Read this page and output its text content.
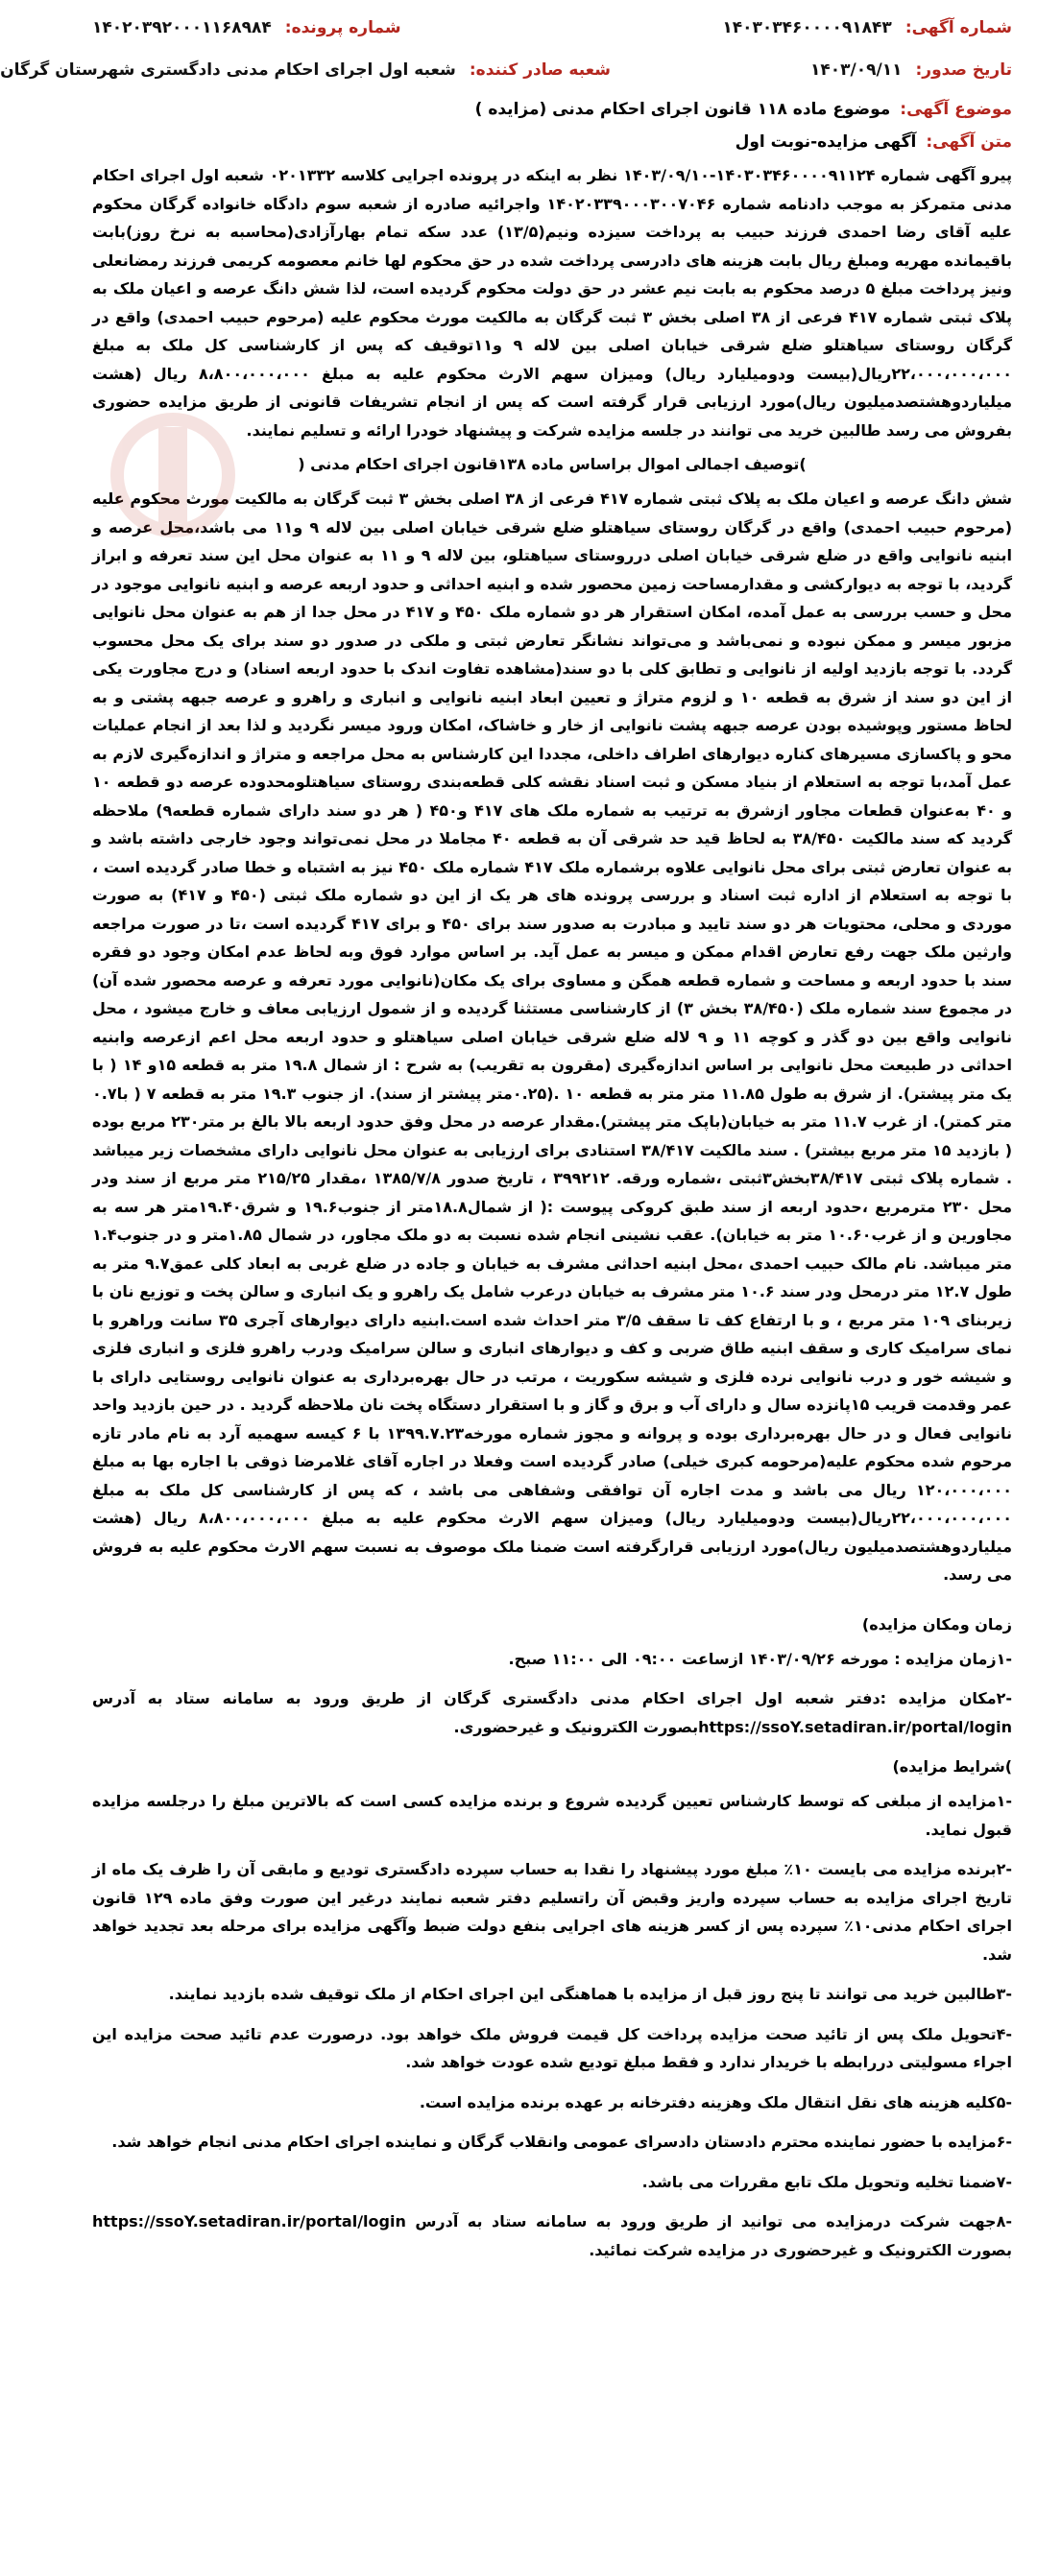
شماره آگهی:
۱۴۰۳۰۳۴۶۰۰۰۰۹۱۸۴۳
شماره پرونده:
۱۴۰۲۰۳۹۲۰۰۰۱۱۶۸۹۸۴
تاریخ صدور:
۱۴۰۳/۰۹/۱۱
شعبه صادر کننده:
شعبه اول اجرای احکام مدنی دادگستری شهرستان گرگان
موضوع آگهی:
موضوع ماده ۱۱۸ قانون اجرای احکام مدنی (مزایده )
متن آگهی:
آگهی مزایده-نوبت اول

پیرو آگهی شماره ۱۴۰۳۰۳۴۶۰۰۰۰۹۱۱۲۴-۱۴۰۳/۰۹/۱۰ نظر به اینکه در پرونده اجرایی کلاسه ۰۲۰۱۳۳۲ شعبه اول اجرای احکام مدنی متمرکز به موجب دادنامه شماره ۱۴۰۲۰۳۳۹۰۰۰۳۰۰۷۰۴۶ واجرائیه صادره از شعبه سوم دادگاه خانواده گرگان محکوم علیه آقای رضا احمدی فرزند حبیب به پرداخت سیزده ونیم(۱۳/۵) عدد سکه تمام بهارآزادی(محاسبه به نرخ روز)بابت باقیمانده مهریه ومبلغ ریال بابت هزینه های دادرسی پرداخت شده در حق محکوم لها خانم معصومه کریمی فرزند رمضانعلی ونیز پرداخت مبلغ ۵ درصد محکوم به بابت نیم عشر در حق دولت محکوم گردیده است، لذا شش دانگ عرصه و اعیان ملک به پلاک ثبتی شماره ۴۱۷ فرعی از ۳۸ اصلی بخش ۳ ثبت گرگان به مالکیت مورث محکوم علیه (مرحوم حبیب احمدی) واقع در گرگان روستای سیاهتلو ضلع شرقی خیابان اصلی بین لاله ۹ و۱۱توقیف که پس از کارشناسی کل ملک به مبلغ ۲۲،۰۰۰،۰۰۰،۰۰۰ریال(بیست ودومیلیارد ریال) ومیزان سهم الارث محکوم علیه به مبلغ ۸،۸۰۰،۰۰۰،۰۰۰ ریال (هشت میلیاردوهشتصدمیلیون ریال)مورد ارزیابی قرار گرفته است که پس از انجام تشریفات قانونی از طریق مزایده حضوری بفروش می رسد طالبین خرید می توانند در جلسه مزایده شرکت و پیشنهاد خودرا ارائه و تسلیم نمایند.

)توصیف اجمالی اموال براساس ماده ۱۳۸قانون اجرای احکام مدنی (

شش دانگ عرصه و اعیان ملک به پلاک ثبتی شماره ۴۱۷ فرعی از ۳۸ اصلی بخش ۳ ثبت گرگان به مالکیت مورث محکوم علیه (مرحوم حبیب احمدی) واقع در گرگان روستای سیاهتلو ضلع شرقی خیابان اصلی بین لاله ۹ و۱۱ می باشد،محل عرصه و ابنیه نانوایی واقع در ضلع شرقی خیابان اصلی درروستای سیاهتلو، بین لاله ۹ و ۱۱ به عنوان محل این سند تعرفه و ابراز گردید، با توجه به دیوارکشی و مقدارمساحت زمین محصور شده و ابنیه احداثی و حدود اربعه عرصه و ابنیه نانوایی موجود در محل و حسب بررسی به عمل آمده، امکان استقرار هر دو شماره ملک ۴۵۰ و ۴۱۷ در محل جدا از هم به عنوان محل نانوایی مزبور میسر و ممکن نبوده و نمی‌باشد و می‌تواند نشانگر تعارض ثبتی و ملکی در صدور دو سند برای یک محل محسوب گردد. با توجه بازدید اولیه از نانوایی و تطابق کلی با دو سند(مشاهده تفاوت اندک با حدود اربعه اسناد) و درج مجاورت یکی از این دو سند از شرق به قطعه ۱۰ و لزوم متراژ و تعیین ابعاد ابنیه نانوایی و انباری و راهرو و عرصه جبهه پشتی و به لحاظ مستور وپوشیده بودن عرصه جبهه پشت نانوایی از خار و خاشاک، امکان ورود میسر نگردید و لذا بعد از انجام عملیات محو و پاکسازی مسیرهای کناره دیوارهای اطراف داخلی، مجددا این کارشناس به محل مراجعه و متراژ و اندازه‌گیری لازم به عمل آمد،با توجه به استعلام از بنیاد مسکن و ثبت اسناد نقشه کلی قطعه‌بندی روستای سیاهتلومحدوده عرصه دو قطعه ۱۰ و ۴۰ به‌عنوان قطعات مجاور ازشرق به ترتیب به شماره ملک های ۴۱۷ و۴۵۰ ( هر دو سند دارای شماره قطعه۹) ملاحظه گردید که سند مالکیت ۳۸/۴۵۰ به لحاظ قید حد شرقی آن به قطعه ۴۰ مجاملا در محل نمی‌تواند وجود خارجی داشته باشد و به عنوان تعارض ثبتی برای محل نانوایی علاوه برشماره ملک ۴۱۷ شماره ملک ۴۵۰ نیز به اشتباه و خطا صادر گردیده است ، با توجه به استعلام از اداره ثبت اسناد و بررسی پرونده های هر یک از این دو شماره ملک ثبتی (۴۵۰ و ۴۱۷) به صورت موردی و محلی، محتویات هر دو سند تایید و مبادرت به صدور سند برای ۴۵۰ و برای ۴۱۷ گردیده است ،تا در صورت مراجعه وارثین ملک جهت رفع تعارض اقدام ممکن و میسر به عمل آید. بر اساس موارد فوق وبه لحاظ عدم امکان وجود دو فقره سند با حدود اربعه و مساحت و شماره قطعه همگن و مساوی برای یک مکان(نانوایی مورد تعرفه و عرصه محصور شده آن) در مجموع سند شماره ملک (۳۸/۴۵۰ بخش ۳) از کارشناسی مستثنا گردیده و از شمول ارزیابی معاف و خارج میشود ، محل نانوایی واقع بین دو گذر و کوچه ۱۱ و ۹ لاله ضلع شرقی خیابان اصلی سیاهتلو و حدود اربعه محل اعم ازعرصه وابنیه احداثی در طبیعت محل نانوایی بر اساس اندازه‌گیری (مقرون به تقریب) به شرح : از شمال ۱۹.۸ متر به قطعه ۱۵و ۱۴ ( با یک متر پیشتر). از شرق به طول ۱۱.۸۵ متر متر به قطعه ۱۰ .(۰.۲۵متر پیشتر از سند). از جنوب ۱۹.۳ متر به قطعه ۷ ( با۰.۷ متر کمتر). از غرب ۱۱.۷ متر به خیابان(باپک متر پیشتر).مقدار عرصه در محل وفق حدود اربعه بالا بالغ بر متر۲۳۰ مربع بوده ( بازدید ۱۵ متر مربع بیشتر) . سند مالکیت ۳۸/۴۱۷ استنادی برای ارزیابی به عنوان محل نانوایی دارای مشخصات زیر میباشد . شماره پلاک ثبتی ۳۸/۴۱۷بخش۳ثبتی ،شماره ورقه. ۳۹۹۲۱۲ ، تاریخ صدور ۱۳۸۵/۷/۸ ،مقدار ۲۱۵/۲۵ متر مربع از سند ودر محل ۲۳۰ مترمربع ،حدود اربعه از سند طبق کروکی پیوست :( از شمال۱۸.۸متر از جنوب۱۹.۶ و شرق۱۹.۴۰متر هر سه به مجاورین و از غرب۱۰.۶۰ متر به خیابان). عقب نشینی انجام شده نسبت به دو ملک مجاور، در شمال ۱.۸۵متر و در جنوب۱.۴ متر میباشد. نام مالک حبیب احمدی ،محل ابنیه احداثی مشرف به خیابان و جاده در ضلع غربی به ابعاد کلی عمق۹.۷ متر به طول ۱۲.۷ متر درمحل ودر سند ۱۰.۶ متر مشرف به خیابان درعرب شامل یک راهرو و یک انباری و سالن پخت و توزیع نان با زیربنای ۱۰۹ متر مربع ، و با ارتفاع کف تا سقف ۳/۵ متر احداث شده است.ابنیه دارای دیوارهای آجری ۳۵ سانت وراهرو با نمای سرامیک کاری و سقف ابنیه طاق ضربی و کف و دیوارهای انباری و سالن سرامیک ودرب راهرو فلزی و انباری فلزی و شیشه خور و درب نانوایی نرده فلزی و شیشه سکوریت ، مرتب در حال بهره‌برداری به عنوان نانوایی روستایی دارای با عمر وقدمت قریب ۱۵پانزده سال و دارای آب و برق و گاز و با استقرار دستگاه پخت نان ملاحظه گردید . در حین بازدید واحد نانوایی فعال و در حال بهره‌برداری بوده و پروانه و مجوز شماره مورخه۱۳۹۹.۷.۲۳ با ۶ کیسه سهمیه آرد به نام مادر تازه مرحوم شده محکوم علیه(مرحومه کبری خیلی) صادر گردیده است وفعلا در اجاره آقای غلامرضا ذوقی با اجاره بها به مبلغ ۱۲۰،۰۰۰،۰۰۰ ریال می باشد و مدت اجاره آن توافقی وشفاهی می باشد ، که پس از کارشناسی کل ملک به مبلغ ۲۲،۰۰۰،۰۰۰،۰۰۰ریال(بیست ودومیلیارد ریال) ومیزان سهم الارث محکوم علیه به مبلغ ۸،۸۰۰،۰۰۰،۰۰۰ ریال (هشت میلیاردوهشتصدمیلیون ریال)مورد ارزیابی قرارگرفته است ضمنا ملک موصوف به نسبت سهم الارث محکوم علیه به فروش می رسد.

زمان ومکان مزایده)
-۱زمان مزایده : مورخه ۱۴۰۳/۰۹/۲۶ ازساعت ۰۹:۰۰ الی ۱۱:۰۰ صبح.
-۲مکان مزایده :دفتر شعبه اول اجرای احکام مدنی دادگستری گرگان از طریق ورود به سامانه ستاد به آدرس https://ssoY.setadiran.ir/portal/loginبصورت الکترونیک و غیرحضوری.
)شرایط مزایده)
-۱مزایده از مبلغی که توسط کارشناس تعیین گردیده شروع و برنده مزایده کسی است که بالاترین مبلغ را درجلسه مزایده قبول نماید.
-۲برنده مزایده می بایست ۱۰٪ مبلغ مورد پیشنهاد را نقدا به حساب سپرده دادگستری تودیع و مابقی آن را ظرف یک ماه از تاریخ اجرای مزایده به حساب سپرده واریز وقبض آن راتسلیم دفتر شعبه نمایند درغیر این صورت وفق ماده ۱۲۹ قانون اجرای احکام مدنی۱۰٪ سپرده پس از کسر هزینه های اجرایی بنفع دولت ضبط وآگهی مزایده برای مرحله بعد تجدید خواهد شد.
-۳طالبین خرید می توانند تا پنج روز قبل از مزایده با هماهنگی این اجرای احکام از ملک توقیف شده بازدید نمایند.
-۴تحویل ملک پس از تائید صحت مزایده پرداخت کل قیمت فروش ملک خواهد بود. درصورت عدم تائید صحت مزایده این اجراء مسولیتی دررابطه با خریدار ندارد و فقط مبلغ تودیع شده عودت خواهد شد.
-۵کلیه هزینه های نقل انتقال ملک وهزینه دفترخانه بر عهده برنده مزایده است.
-۶مزایده با حضور نماینده محترم دادستان دادسرای عمومی وانقلاب گرگان و نماینده اجرای احکام مدنی انجام خواهد شد.
-۷ضمنا تخلیه وتحویل ملک تابع مقررات می باشد.
-۸جهت شرکت درمزایده می توانید از طریق ورود به سامانه ستاد به آدرس https://ssoY.setadiran.ir/portal/login بصورت الکترونیک و غیرحضوری در مزایده شرکت نمائید.
